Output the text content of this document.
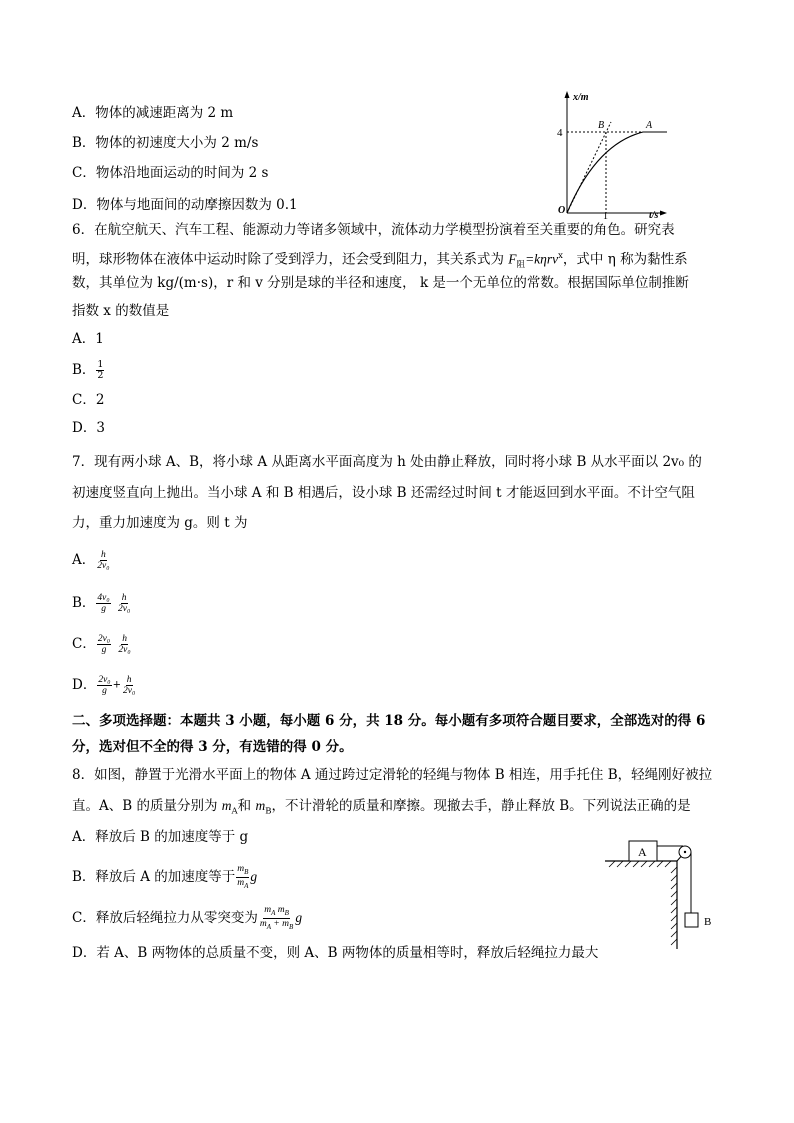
A．物体的减速距离为 2 m
B．物体的初速度大小为 2 m/s
C．物体沿地面运动的时间为 2 s
D．物体与地面间的动摩擦因数为 0.1
x/m
t/s
O
4
1
B	A
6．在航空航天、汽车工程、能源动力等诸多领域中，流体动力学模型扮演着至关重要的角色。研究表
明，球形物体在液体中运动时除了受到浮力，还会受到阻力，其关系式为 $F_阻=k\eta rv^x$，式中 η 称为黏性系
数，其单位为 kg/(m·s)，r 和 v 分别是球的半径和速度， k 是一个无单位的常数。根据国际单位制推断
指数 x 的数值是
A．1
B． $\frac{1}{2}$
C．2
D．3
7．现有两小球 A、B，将小球 A 从距离水平面高度为 h 处由静止释放，同时将小球 B 从水平面以 2v₀ 的
初速度竖直向上抛出。当小球 A 和 B 相遇后，设小球 B 还需经过时间 t 才能返回到水平面。不计空气阻
力，重力加速度为 g。则 t 为
A． $\frac{h}{\text{2v₀}}$
B． $\frac{\text{4v₀}}{g}$
$\frac{h}{\text{2v₀}}$
C． $\frac{\text{2v₀}}{g}$
$\frac{h}{\text{2v₀}}$
D． $\frac{\text{2v₀}}{g} + \frac{h}{\text{2v₀}}$
二、多项选择题：本题共 3 小题，每小题 6 分，共 18 分。每小题有多项符合题目要求，全部选对的得 6
分，选对但不全的得 3 分，有选错的得 0 分。
8．如图，静置于光滑水平面上的物体 A 通过跨过定滑轮的轻绳与物体 B 相连，用手托住 B，轻绳刚好被拉
直。A、B 的质量分别为 $m_A$和 $m_B$，不计滑轮的质量和摩擦。现撤去手，静止释放 B。下列说法正确的是
A．释放后 B 的加速度等于 g
B．释放后 A 的加速度等于 $\frac{m_B}{m_A}$ g
C．释放后轻绳拉力从零突变为 $\frac{m_A m_B}{m_A + m_B}$ g
D．若 A、B 两物体的总质量不变，则 A、B 两物体的质量相等时，释放后轻绳拉力最大
A
B
